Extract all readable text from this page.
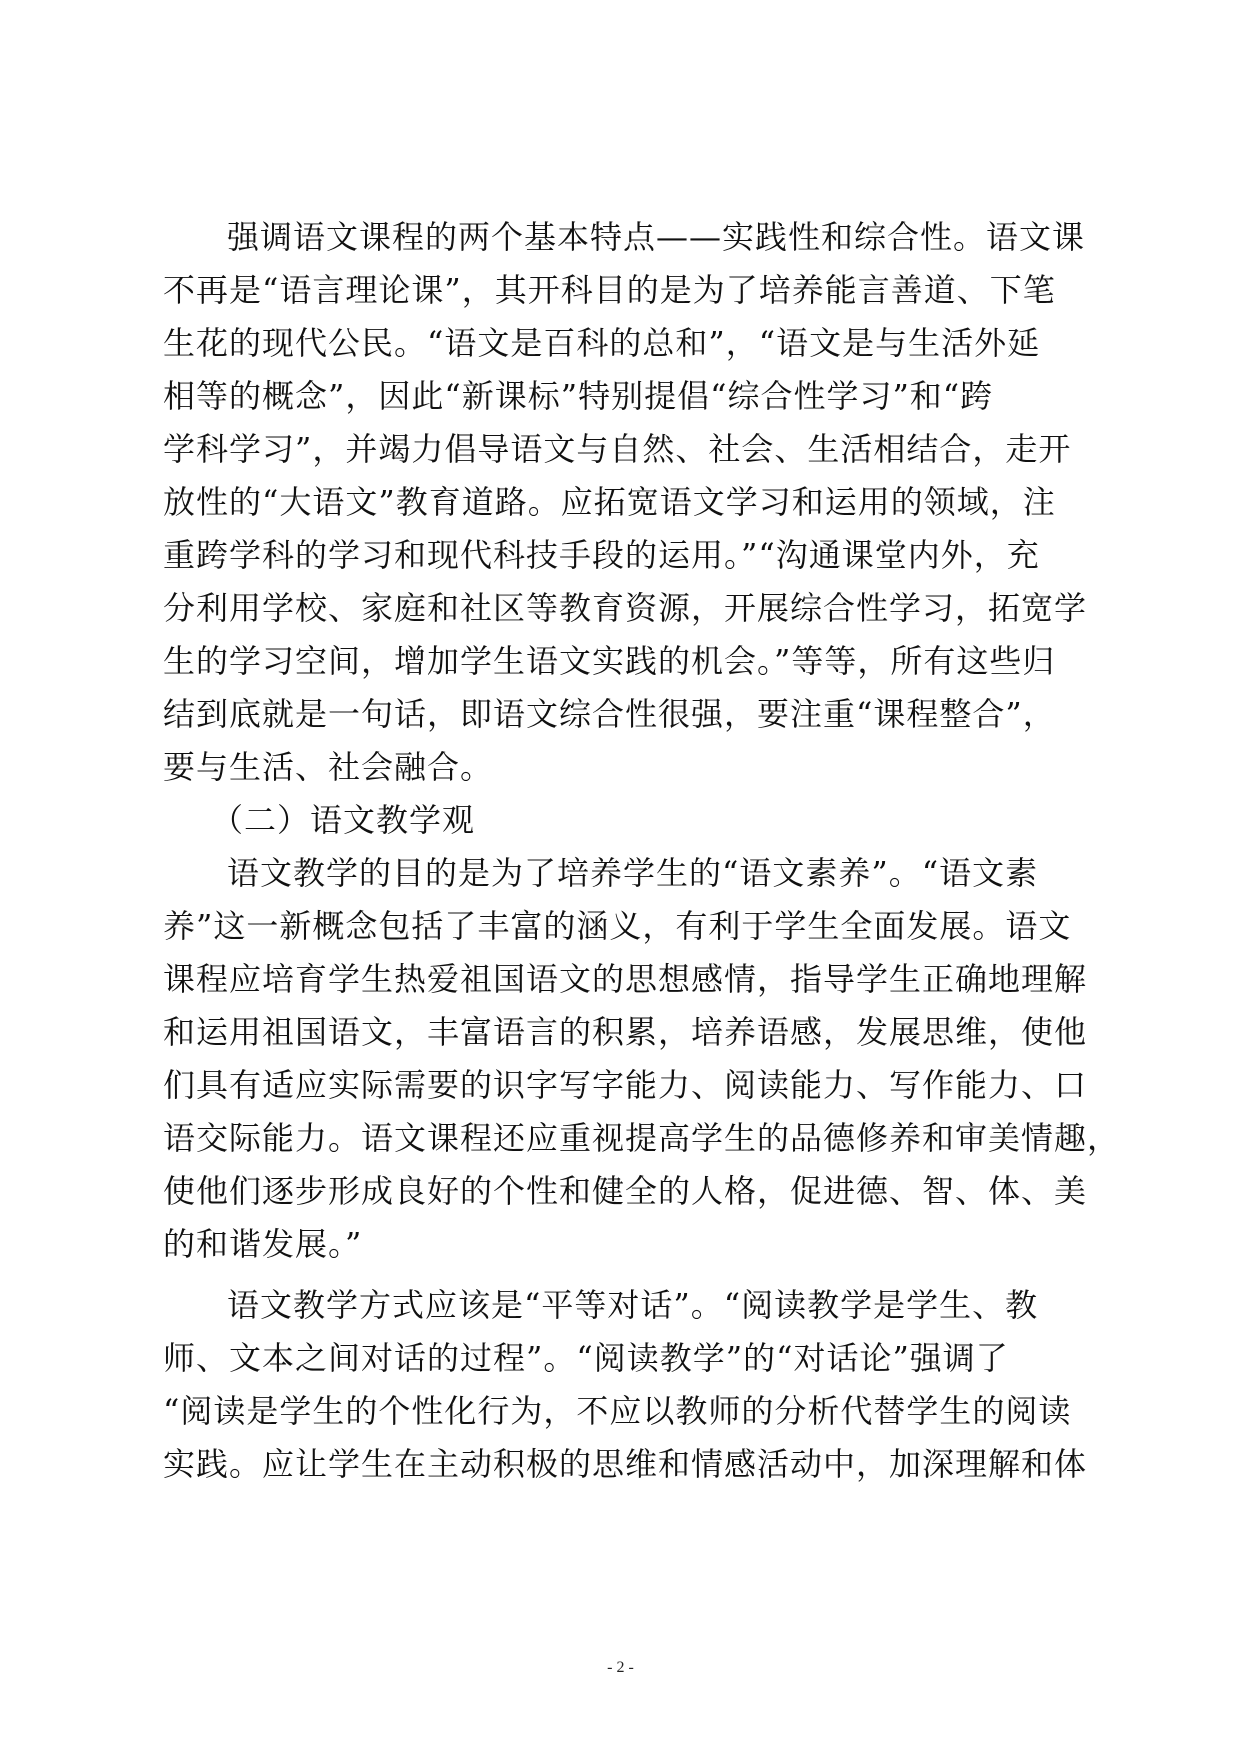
强调语文课程的两个基本特点——实践性和综合性。语文课
不再是“语言理论课”，其开科目的是为了培养能言善道、下笔
生花的现代公民。“语文是百科的总和”，“语文是与生活外延
相等的概念”，因此“新课标”特别提倡“综合性学习”和“跨
学科学习”，并竭力倡导语文与自然、社会、生活相结合，走开
放性的“大语文”教育道路。应拓宽语文学习和运用的领域，注
重跨学科的学习和现代科技手段的运用。”“沟通课堂内外，充
分利用学校、家庭和社区等教育资源，开展综合性学习，拓宽学
生的学习空间，增加学生语文实践的机会。”等等，所有这些归
结到底就是一句话，即语文综合性很强，要注重“课程整合”，
要与生活、社会融合。
（二）语文教学观
语文教学的目的是为了培养学生的“语文素养”。“语文素
养”这一新概念包括了丰富的涵义，有利于学生全面发展。语文
课程应培育学生热爱祖国语文的思想感情，指导学生正确地理解
和运用祖国语文，丰富语言的积累，培养语感，发展思维，使他
们具有适应实际需要的识字写字能力、阅读能力、写作能力、口
语交际能力。语文课程还应重视提高学生的品德修养和审美情趣，
使他们逐步形成良好的个性和健全的人格，促进德、智、体、美
的和谐发展。”
语文教学方式应该是“平等对话”。“阅读教学是学生、教
师、文本之间对话的过程”。“阅读教学”的“对话论”强调了
“阅读是学生的个性化行为，不应以教师的分析代替学生的阅读
实践。应让学生在主动积极的思维和情感活动中，加深理解和体
- 2 -
